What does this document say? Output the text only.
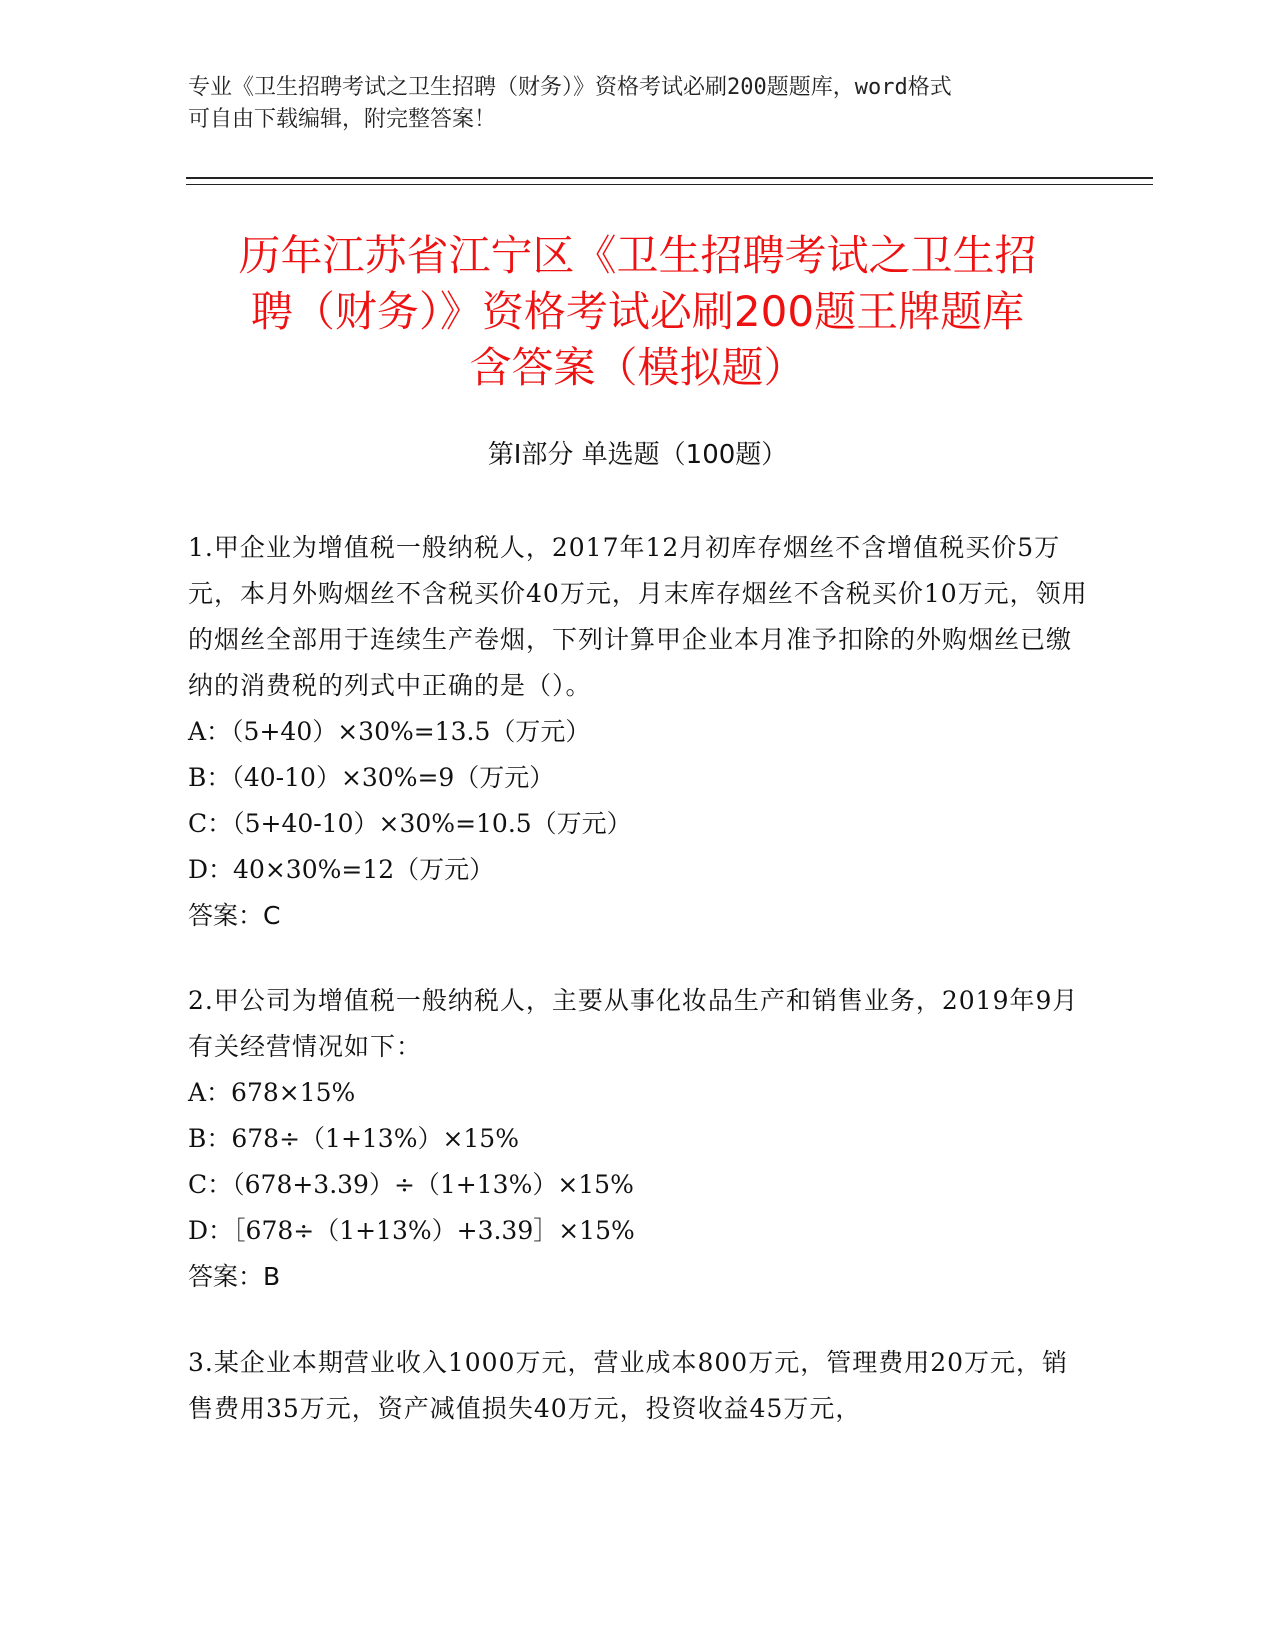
专业《卫生招聘考试之卫生招聘（财务）》资格考试必刷200题题库，word格式
可自由下载编辑，附完整答案！
历年江苏省江宁区《卫生招聘考试之卫生招
聘（财务）》资格考试必刷200题王牌题库
含答案（模拟题）
第Ⅰ部分 单选题（100题）

1.甲企业为增值税一般纳税人，2017年12月初库存烟丝不含增值税买价5万元，本月外购烟丝不含税买价40万元，月末库存烟丝不含税买价10万元，领用的烟丝全部用于连续生产卷烟，下列计算甲企业本月准予扣除的外购烟丝已缴纳的消费税的列式中正确的是（）。

A：（5+40）×30%=13.5（万元）

B：（40-10）×30%=9（万元）

C：（5+40-10）×30%=10.5（万元）

D：40×30%=12（万元）

答案：C

2.甲公司为增值税一般纳税人，主要从事化妆品生产和销售业务，2019年9月有关经营情况如下：

A：678×15%

B：678÷（1+13%）×15%

C：（678+3.39）÷（1+13%）×15%

D：［678÷（1+13%）+3.39］×15%

答案：B

3.某企业本期营业收入1000万元，营业成本800万元，管理费用20万元，销售费用35万元，资产减值损失40万元，投资收益45万元，
